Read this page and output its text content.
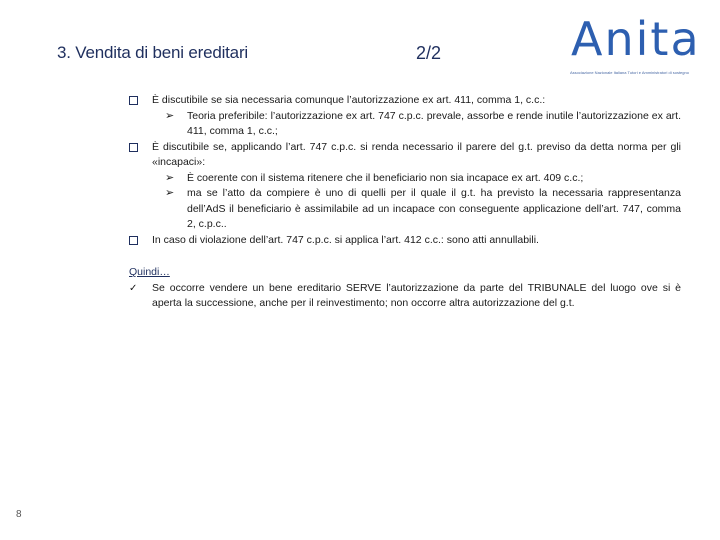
3. Vendita di beni ereditari	2/2	Anita
Associazione Nazionale Italiana Tutori e Amministratori di sostegno
È discutibile se sia necessaria comunque l’autorizzazione ex art. 411, comma 1, c.c.:
➢ Teoria preferibile: l’autorizzazione ex art. 747 c.p.c. prevale, assorbe e rende inutile l’autorizzazione ex art. 411, comma 1, c.c.;
È discutibile se, applicando l’art. 747 c.p.c. si renda necessario il parere del g.t. previso da detta norma per gli «incapaci»:
➢ È coerente con il sistema ritenere che il beneficiario non sia incapace ex art. 409 c.c.;
➢ ma se l’atto da compiere è uno di quelli per il quale il g.t. ha previsto la necessaria rappresentanza dell’AdS il beneficiario è assimilabile ad un incapace con conseguente applicazione dell’art. 747, comma 2, c.p.c..
In caso di violazione dell’art. 747 c.p.c. si applica l’art. 412 c.c.: sono atti annullabili.
Quindi…
✓ Se occorre vendere un bene ereditario SERVE l’autorizzazione da parte del TRIBUNALE del luogo ove si è aperta la successione, anche per il reinvestimento; non occorre altra autorizzazione del g.t.
8
